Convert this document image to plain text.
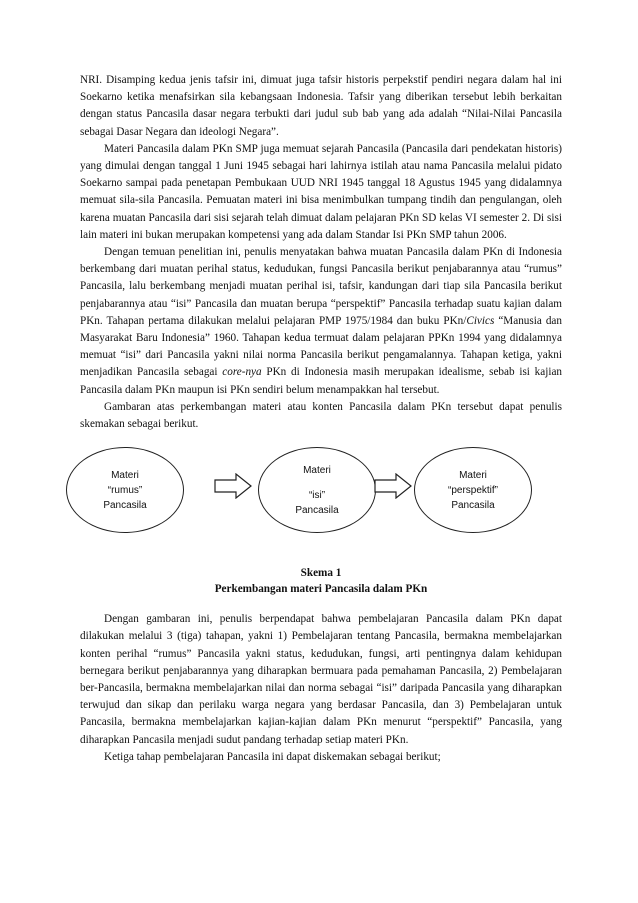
NRI. Disamping kedua jenis tafsir ini, dimuat juga tafsir historis perpekstif pendiri negara dalam hal ini Soekarno ketika menafsirkan sila kebangsaan Indonesia. Tafsir yang diberikan tersebut lebih berkaitan dengan status Pancasila dasar negara terbukti dari judul sub bab yang ada adalah “Nilai-Nilai Pancasila sebagai Dasar Negara dan ideologi Negara”.

Materi Pancasila dalam PKn SMP juga memuat sejarah Pancasila (Pancasila dari pendekatan historis) yang dimulai dengan tanggal 1 Juni 1945 sebagai hari lahirnya istilah atau nama Pancasila melalui pidato Soekarno sampai pada penetapan Pembukaan UUD NRI 1945 tanggal 18 Agustus 1945 yang didalamnya memuat sila-sila Pancasila. Pemuatan materi ini bisa menimbulkan tumpang tindih dan pengulangan, oleh karena muatan Pancasila dari sisi sejarah telah dimuat dalam pelajaran PKn SD kelas VI semester 2. Di sisi lain materi ini bukan merupakan kompetensi yang ada dalam Standar Isi PKn SMP tahun 2006.

Dengan temuan penelitian ini, penulis menyatakan bahwa muatan Pancasila dalam PKn di Indonesia berkembang dari muatan perihal status, kedudukan, fungsi Pancasila berikut penjabarannya atau “rumus” Pancasila, lalu berkembang menjadi muatan perihal isi, tafsir, kandungan dari tiap sila Pancasila berikut penjabarannya atau “isi” Pancasila dan muatan berupa “perspektif” Pancasila terhadap suatu kajian dalam PKn. Tahapan pertama dilakukan melalui pelajaran PMP 1975/1984 dan buku PKn/Civics “Manusia dan Masyarakat Baru Indonesia” 1960. Tahapan kedua termuat dalam pelajaran PPKn 1994 yang didalamnya memuat “isi” dari Pancasila yakni nilai norma Pancasila berikut pengamalannya. Tahapan ketiga, yakni menjadikan Pancasila sebagai core-nya PKn di Indonesia masih merupakan idealisme, sebab isi kajian Pancasila dalam PKn maupun isi PKn sendiri belum menampakkan hal tersebut.

Gambaran atas perkembangan materi atau konten Pancasila dalam PKn tersebut dapat penulis skemakan sebagai berikut.

Materi
“rumus”
Pancasila
Materi
“isi”
Pancasila
Materi
“perspektif”
Pancasila
Skema 1
Perkembangan materi Pancasila dalam PKn

Dengan gambaran ini, penulis berpendapat bahwa pembelajaran Pancasila dalam PKn dapat dilakukan melalui 3 (tiga) tahapan, yakni 1) Pembelajaran tentang Pancasila, bermakna membelajarkan konten perihal “rumus” Pancasila yakni status, kedudukan, fungsi, arti pentingnya dalam kehidupan bernegara berikut penjabarannya yang diharapkan bermuara pada pemahaman Pancasila, 2) Pembelajaran ber-Pancasila, bermakna membelajarkan nilai dan norma sebagai “isi” daripada Pancasila yang diharapkan terwujud dan sikap dan perilaku warga negara yang berdasar Pancasila, dan 3) Pembelajaran untuk Pancasila, bermakna membelajarkan kajian-kajian dalam PKn menurut “perspektif” Pancasila, yang diharapkan Pancasila menjadi sudut pandang terhadap setiap materi PKn.

Ketiga tahap pembelajaran Pancasila ini dapat diskemakan sebagai berikut;
